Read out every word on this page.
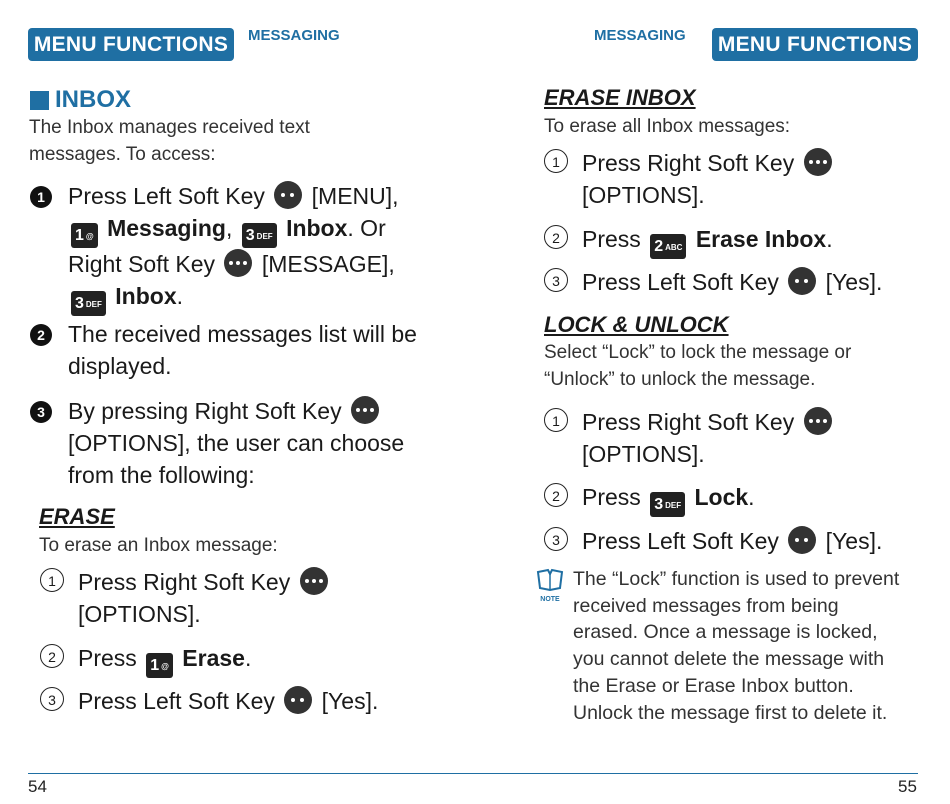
MENU FUNCTIONS	MESSAGING	MESSAGING MENU FUNCTIONS
INBOX
The Inbox manages received text messages. To access:
1	Press Left Soft Key [MENU],
1 @ Messaging, 3 DEF Inbox. Or
Right Soft Key [MESSAGE],
3 DEF Inbox.
2	The received messages list will be displayed.
3	By pressing Right Soft Key

[OPTIONS], the user can choose
from the following:
ERASE
To erase an Inbox message:
1 Press Right Soft Key

[OPTIONS].
2 Press 1 @ Erase.
3 Press Left Soft Key [Yes].
ERASE INBOX
To erase all Inbox messages:
1 Press Right Soft Key

[OPTIONS].
2 Press 2 ABC Erase Inbox.
3 Press Left Soft Key [Yes].
LOCK & UNLOCK
Select “Lock” to lock the message or
“Unlock” to unlock the message.
1 Press Right Soft Key

[OPTIONS].
2 Press 3 DEF Lock.
3 Press Left Soft Key [Yes].
NOTE
The “Lock” function is used to prevent received messages from being erased. Once a message is locked, you cannot delete the message with the Erase or Erase Inbox button. Unlock the message first to delete it.
54	55
